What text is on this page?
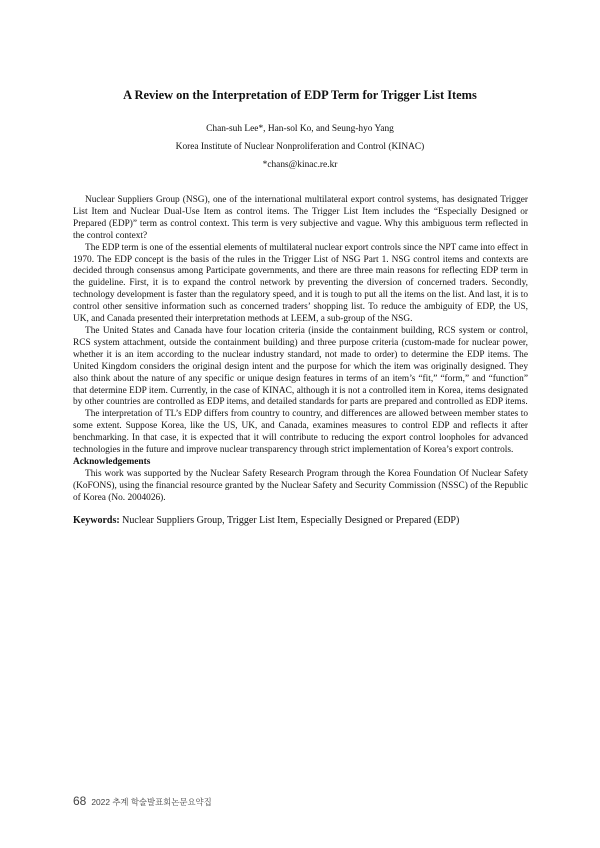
A Review on the Interpretation of EDP Term for Trigger List Items

Chan-suh Lee*, Han-sol Ko, and Seung-hyo Yang

Korea Institute of Nuclear Nonproliferation and Control (KINAC)

*chans@kinac.re.kr

Nuclear Suppliers Group (NSG), one of the international multilateral export control systems, has designated Trigger List Item and Nuclear Dual-Use Item as control items. The Trigger List Item includes the “Especially Designed or Prepared (EDP)” term as control context. This term is very subjective and vague. Why this ambiguous term reflected in the control context?

The EDP term is one of the essential elements of multilateral nuclear export controls since the NPT came into effect in 1970. The EDP concept is the basis of the rules in the Trigger List of NSG Part 1. NSG control items and contexts are decided through consensus among Participate governments, and there are three main reasons for reflecting EDP term in the guideline. First, it is to expand the control network by preventing the diversion of concerned traders. Secondly, technology development is faster than the regulatory speed, and it is tough to put all the items on the list. And last, it is to control other sensitive information such as concerned traders’ shopping list. To reduce the ambiguity of EDP, the US, UK, and Canada presented their interpretation methods at LEEM, a sub-group of the NSG.

The United States and Canada have four location criteria (inside the containment building, RCS system or control, RCS system attachment, outside the containment building) and three purpose criteria (custom-made for nuclear power, whether it is an item according to the nuclear industry standard, not made to order) to determine the EDP items. The United Kingdom considers the original design intent and the purpose for which the item was originally designed. They also think about the nature of any specific or unique design features in terms of an item’s “fit,” “form,” and “function” that determine EDP item. Currently, in the case of KINAC, although it is not a controlled item in Korea, items designated by other countries are controlled as EDP items, and detailed standards for parts are prepared and controlled as EDP items.

The interpretation of TL’s EDP differs from country to country, and differences are allowed between member states to some extent. Suppose Korea, like the US, UK, and Canada, examines measures to control EDP and reflects it after benchmarking. In that case, it is expected that it will contribute to reducing the export control loopholes for advanced technologies in the future and improve nuclear transparency through strict implementation of Korea’s export controls.

Acknowledgements

This work was supported by the Nuclear Safety Research Program through the Korea Foundation Of Nuclear Safety (KoFONS), using the financial resource granted by the Nuclear Safety and Security Commission (NSSC) of the Republic of Korea (No. 2004026).

Keywords: Nuclear Suppliers Group, Trigger List Item, Especially Designed or Prepared (EDP)

68 2022 추계 학술발표회논문요약집
